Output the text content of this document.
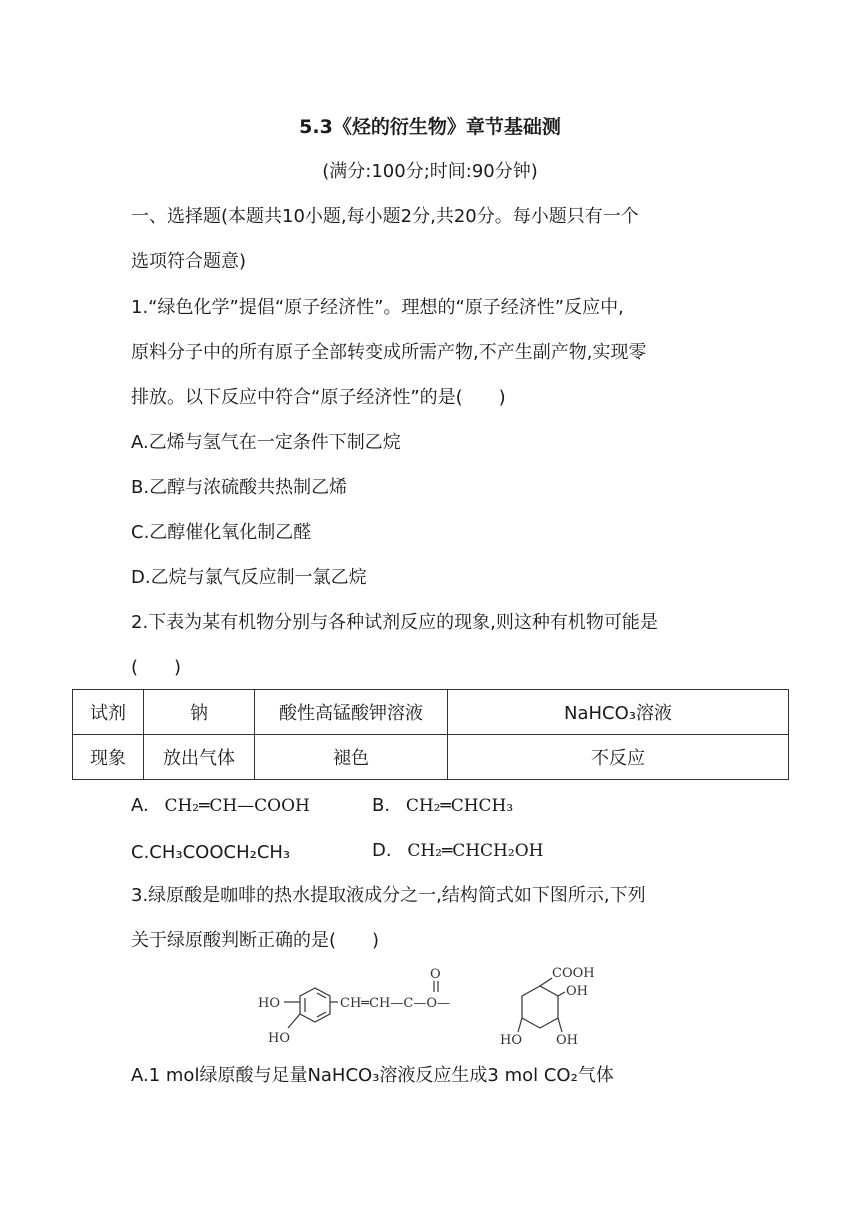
5.3《烃的衍生物》章节基础测
(满分:100分;时间:90分钟)
一、选择题(本题共10小题,每小题2分,共20分。每小题只有一个
选项符合题意)
1.“绿色化学”提倡“原子经济性”。理想的“原子经济性”反应中,
原料分子中的所有原子全部转变成所需产物,不产生副产物,实现零
排放。以下反应中符合“原子经济性”的是(　　)
A.乙烯与氢气在一定条件下制乙烷
B.乙醇与浓硫酸共热制乙烯
C.乙醇催化氧化制乙醛
D.乙烷与氯气反应制一氯乙烷
2.下表为某有机物分别与各种试剂反应的现象,则这种有机物可能是
(　　)
试剂	钠	酸性高锰酸钾溶液	NaHCO₃溶液
现象	放出气体	褪色	不反应
A. CH₂═CH—COOH	B. CH₂═CHCH₃
C.CH₃COOCH₂CH₃	D. CH₂═CHCH₂OH
3.绿原酸是咖啡的热水提取液成分之一,结构简式如下图所示,下列
关于绿原酸判断正确的是(　　)
HO
HO
CH═CH—C—O—
O	COOH
OH
HO	OH
A.1 mol绿原酸与足量NaHCO₃溶液反应生成3 mol CO₂气体
